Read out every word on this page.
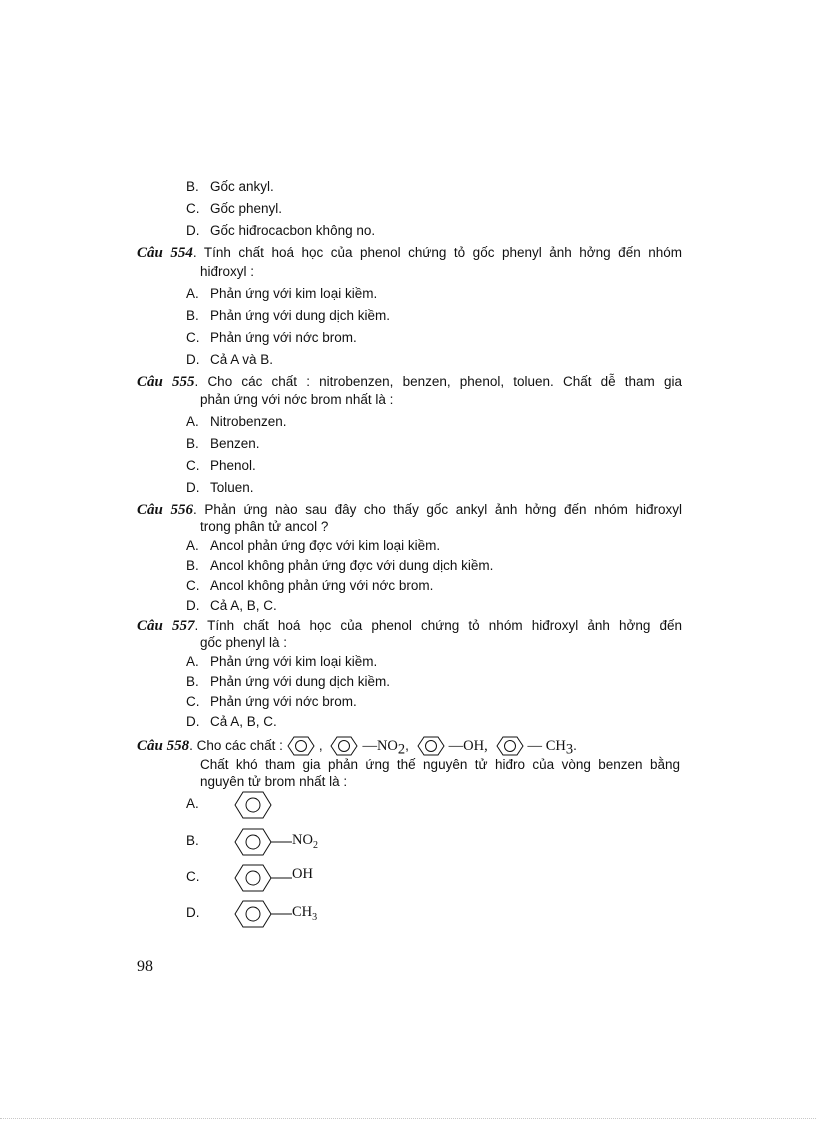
B. Gốc ankyl.
C. Gốc phenyl.
D. Gốc hiđrocacbon không no.
Câu 554. Tính chất hoá học của phenol chứng tỏ gốc phenyl ảnh hởng đến nhóm
hiđroxyl :
A. Phản ứng với kim loại kiềm.
B. Phản ứng với dung dịch kiềm.
C. Phản ứng với nớc brom.
D. Cả A và B.
Câu 555. Cho các chất : nitrobenzen, benzen, phenol, toluen. Chất dễ tham gia
phản ứng với nớc brom nhất là :
A. Nitrobenzen.
B. Benzen.
C. Phenol.
D. Toluen.
Câu 556. Phản ứng nào sau đây cho thấy gốc ankyl ảnh hởng đến nhóm hiđroxyl
trong phân tử ancol ?
A. Ancol phản ứng đợc với kim loại kiềm.
B. Ancol không phản ứng đợc với dung dịch kiềm.
C. Ancol không phản ứng với nớc brom.
D. Cả A, B, C.
Câu 557. Tính chất hoá học của phenol chứng tỏ nhóm hiđroxyl ảnh hởng đến
gốc phenyl là :
A. Phản ứng với kim loại kiềm.
B. Phản ứng với dung dịch kiềm.
C. Phản ứng với nớc brom.
D. Cả A, B, C.
Câu 558. Cho các chất :	, $—NO_2$, —OH,	— $CH_3$.
Chất khó tham gia phản ứng thế nguyên tử hiđro của vòng benzen bằng
nguyên tử brom nhất là :
A.
B.	$NO_2$
C.	OH
D.	$CH_3$
98
